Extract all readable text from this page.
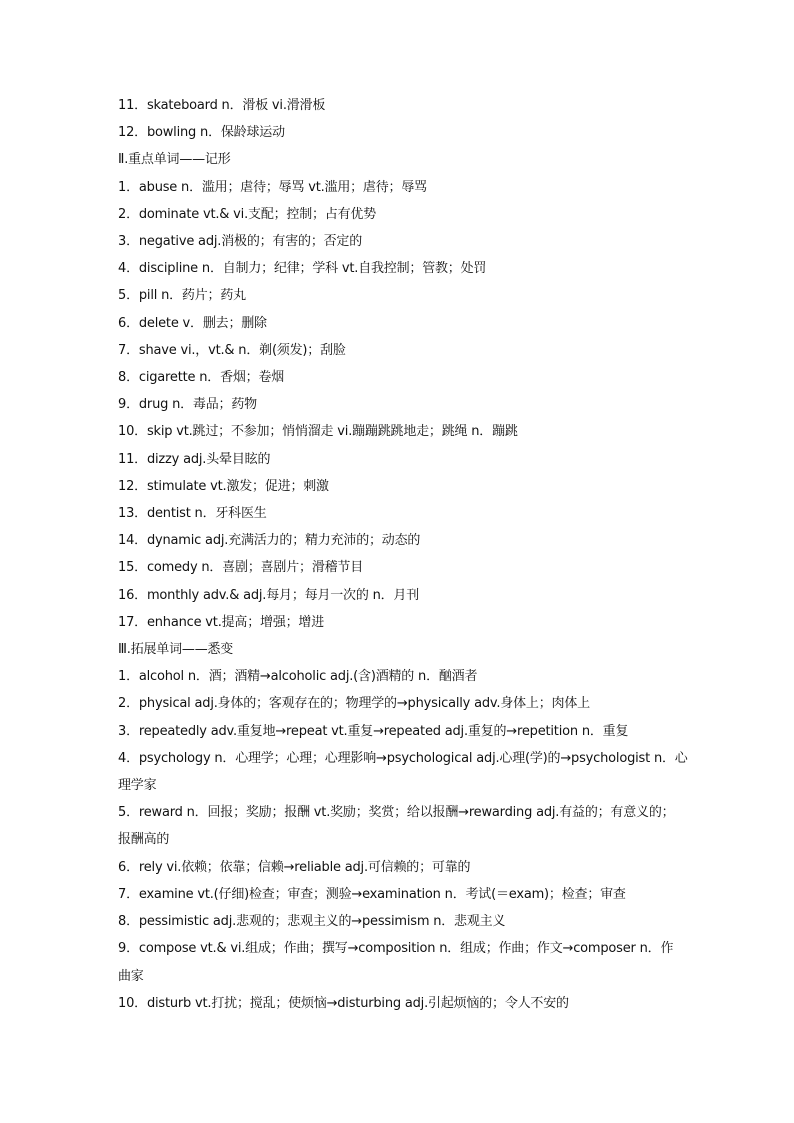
11．skateboard n．滑板 vi.滑滑板
12．bowling n．保龄球运动
Ⅱ.重点单词——记形
1．abuse n．滥用；虐待；辱骂 vt.滥用；虐待；辱骂
2．dominate vt.& vi.支配；控制；占有优势
3．negative adj.消极的；有害的；否定的
4．discipline n．自制力；纪律；学科 vt.自我控制；管教；处罚
5．pill n．药片；药丸
6．delete v．删去；删除
7．shave vi.，vt.& n．剃(须发)；刮脸
8．cigarette n．香烟；卷烟
9．drug n．毒品；药物
10．skip vt.跳过；不参加；悄悄溜走 vi.蹦蹦跳跳地走；跳绳 n．蹦跳
11．dizzy adj.头晕目眩的
12．stimulate vt.激发；促进；刺激
13．dentist n．牙科医生
14．dynamic adj.充满活力的；精力充沛的；动态的
15．comedy n．喜剧；喜剧片；滑稽节目
16．monthly adv.& adj.每月；每月一次的 n．月刊
17．enhance vt.提高；增强；增进
Ⅲ.拓展单词——悉变
1．alcohol n．酒；酒精→alcoholic adj.(含)酒精的 n．酗酒者
2．physical adj.身体的；客观存在的；物理学的→physically adv.身体上；肉体上
3．repeatedly adv.重复地→repeat vt.重复→repeated adj.重复的→repetition n．重复
4．psychology n．心理学；心理；心理影响→psychological adj.心理(学)的→psychologist n．心
理学家
5．reward n．回报；奖励；报酬 vt.奖励；奖赏；给以报酬→rewarding adj.有益的；有意义的；
报酬高的
6．rely vi.依赖；依靠；信赖→reliable adj.可信赖的；可靠的
7．examine vt.(仔细)检查；审查；测验→examination n．考试(＝exam)；检查；审查
8．pessimistic adj.悲观的；悲观主义的→pessimism n．悲观主义
9．compose vt.& vi.组成；作曲；撰写→composition n．组成；作曲；作文→composer n．作
曲家
10．disturb vt.打扰；搅乱；使烦恼→disturbing adj.引起烦恼的；令人不安的
